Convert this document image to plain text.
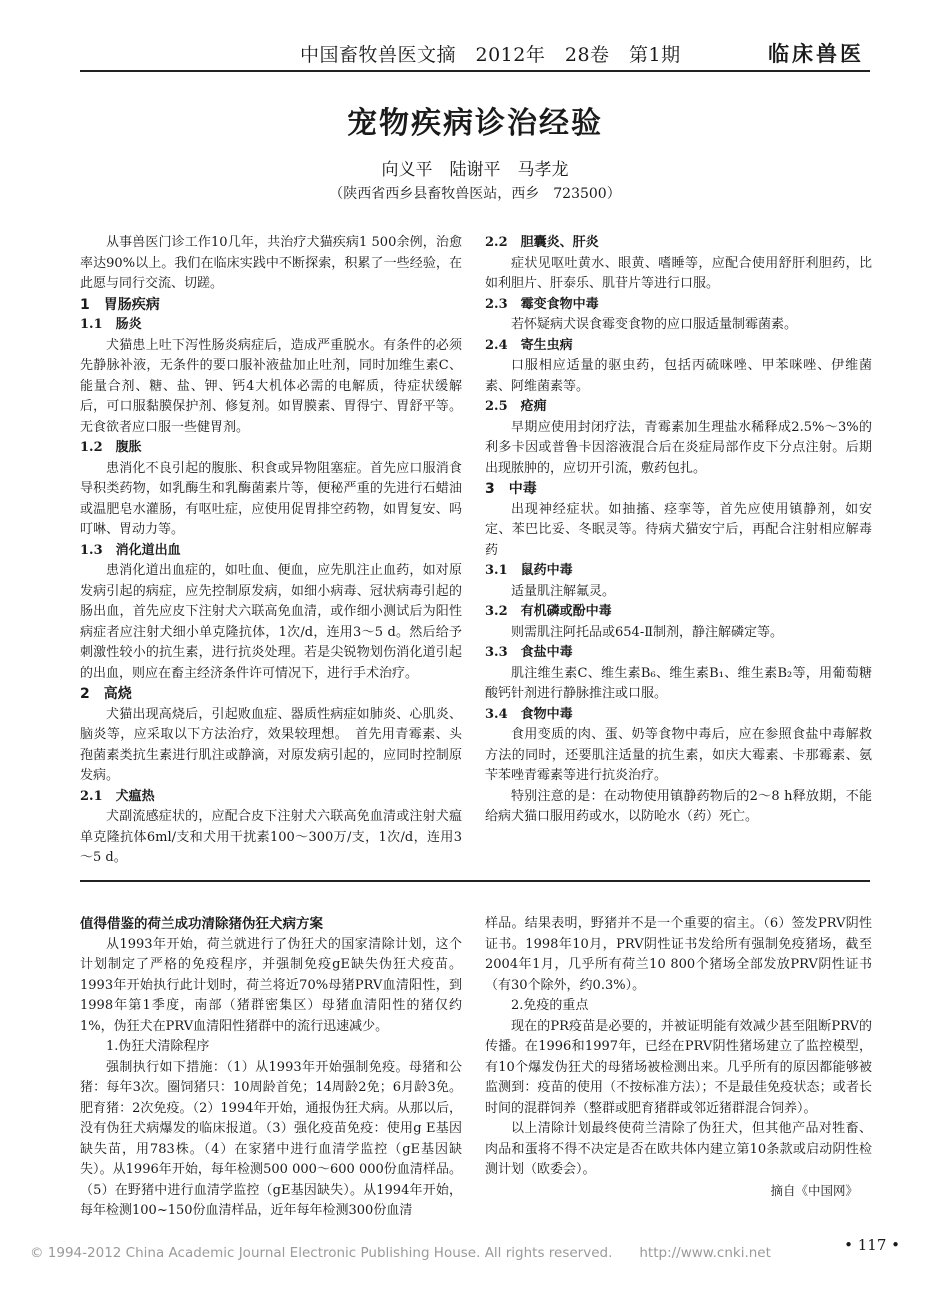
中国畜牧兽医文摘　2012年　28卷　第1期	临床兽医
宠物疾病诊治经验
向义平　陆谢平　马孝龙
（陕西省西乡县畜牧兽医站，西乡　723500）

从事兽医门诊工作10几年，共治疗犬猫疾病1 500余例，治愈率达90%以上。我们在临床实践中不断探索，积累了一些经验，在此愿与同行交流、切蹉。

1　胃肠疾病
1.1　肠炎

犬猫患上吐下泻性肠炎病症后，造成严重脱水。有条件的必须先静脉补液，无条件的要口服补液盐加止吐剂，同时加维生素C、能量合剂、糖、盐、钾、钙4大机体必需的电解质，待症状缓解后，可口服黏膜保护剂、修复剂。如胃膜素、胃得宁、胃舒平等。无食欲者应口服一些健胃剂。

1.2　腹胀

患消化不良引起的腹胀、积食或异物阻塞症。首先应口服消食导积类药物，如乳酶生和乳酶菌素片等，便秘严重的先进行石蜡油或温肥皂水灌肠，有呕吐症，应使用促胃排空药物，如胃复安、吗叮啉、胃动力等。

1.3　消化道出血

患消化道出血症的，如吐血、便血，应先肌注止血药，如对原发病引起的病症，应先控制原发病，如细小病毒、冠状病毒引起的肠出血，首先应皮下注射犬六联高免血清，或作细小测试后为阳性病症者应注射犬细小单克隆抗体，1次/d，连用3～5 d。然后给予刺激性较小的抗生素，进行抗炎处理。若是尖锐物划伤消化道引起的出血，则应在畜主经济条件许可情况下，进行手术治疗。

2　高烧

犬猫出现高烧后，引起败血症、器质性病症如肺炎、心肌炎、脑炎等，应采取以下方法治疗，效果较理想。　首先用青霉素、头孢菌素类抗生素进行肌注或静滴，对原发病引起的，应同时控制原发病。

2.1　犬瘟热

犬副流感症状的，应配合皮下注射犬六联高免血清或注射犬瘟单克隆抗体6ml/支和犬用干扰素100～300万/支，1次/d，连用3～5 d。

2.2　胆囊炎、肝炎

症状见呕吐黄水、眼黄、嗜睡等，应配合使用舒肝利胆药，比如利胆片、肝泰乐、肌苷片等进行口服。

2.3　霉变食物中毒

若怀疑病犬误食霉变食物的应口服适量制霉菌素。

2.4　寄生虫病

口服相应适量的驱虫药，包括丙硫咪唑、甲苯咪唑、伊维菌素、阿维菌素等。

2.5　疮痈

早期应使用封闭疗法，青霉素加生理盐水稀释成2.5%～3%的利多卡因或普鲁卡因溶液混合后在炎症局部作皮下分点注射。后期出现脓肿的，应切开引流，敷药包扎。

3　中毒

出现神经症状。如抽搐、痉挛等，首先应使用镇静剂，如安定、苯巴比妥、冬眠灵等。待病犬猫安宁后，再配合注射相应解毒药

3.1　鼠药中毒

适量肌注解氟灵。

3.2　有机磷或酚中毒

则需肌注阿托品或654-Ⅱ制剂，静注解磷定等。

3.3　食盐中毒

肌注维生素C、维生素B₆、维生素B₁、维生素B₂等，用葡萄糖酸钙针剂进行静脉推注或口服。

3.4　食物中毒

食用变质的肉、蛋、奶等食物中毒后，应在参照食盐中毒解救方法的同时，还要肌注适量的抗生素，如庆大霉素、卡那霉素、氨苄苯唑青霉素等进行抗炎治疗。

特别注意的是：在动物使用镇静药物后的2～8 h释放期，不能给病犬猫口服用药或水，以防呛水（药）死亡。

值得借鉴的荷兰成功清除猪伪狂犬病方案

从1993年开始，荷兰就进行了伪狂犬的国家清除计划，这个计划制定了严格的免疫程序，并强制免疫gE缺失伪狂犬疫苗。1993年开始执行此计划时，荷兰将近70%母猪PRV血清阳性，到1998年第1季度，南部（猪群密集区）母猪血清阳性的猪仅约1%，伪狂犬在PRV血清阳性猪群中的流行迅速减少。

1.伪狂犬清除程序

强制执行如下措施：（1）从1993年开始强制免疫。母猪和公猪：每年3次。圈饲猪只：10周龄首免；14周龄2免；6月龄3免。肥育猪：2次免疫。（2）1994年开始，通报伪狂犬病。从那以后，没有伪狂犬病爆发的临床报道。（3）强化疫苗免疫：使用g E基因缺失苗，用783株。（4）在家猪中进行血清学监控（gE基因缺失）。从1996年开始，每年检测500 000～600 000份血清样品。（5）在野猪中进行血清学监控（gE基因缺失）。从1994年开始，每年检测100~150份血清样品，近年每年检测300份血清

样品。结果表明，野猪并不是一个重要的宿主。（6）签发PRV阴性证书。1998年10月，PRV阴性证书发给所有强制免疫猪场，截至2004年1月，几乎所有荷兰10 800个猪场全部发放PRV阴性证书（有30个除外，约0.3%）。

2.免疫的重点

现在的PR疫苗是必要的，并被证明能有效减少甚至阻断PRV的传播。在1996和1997年，已经在PRV阴性猪场建立了监控模型，有10个爆发伪狂犬的母猪场被检测出来。几乎所有的原因都能够被监测到：疫苗的使用（不按标准方法）；不是最佳免疫状态；或者长时间的混群饲养（整群或肥育猪群或邻近猪群混合饲养）。

以上清除计划最终使荷兰清除了伪狂犬，但其他产品对牲畜、肉品和蛋将不得不决定是否在欧共体内建立第10条款或启动阴性检测计划（欧委会）。

摘自《中国网》

© 1994-2012 China Academic Journal Electronic Publishing House. All rights reserved.　　http://www.cnki.net	• 117 •
